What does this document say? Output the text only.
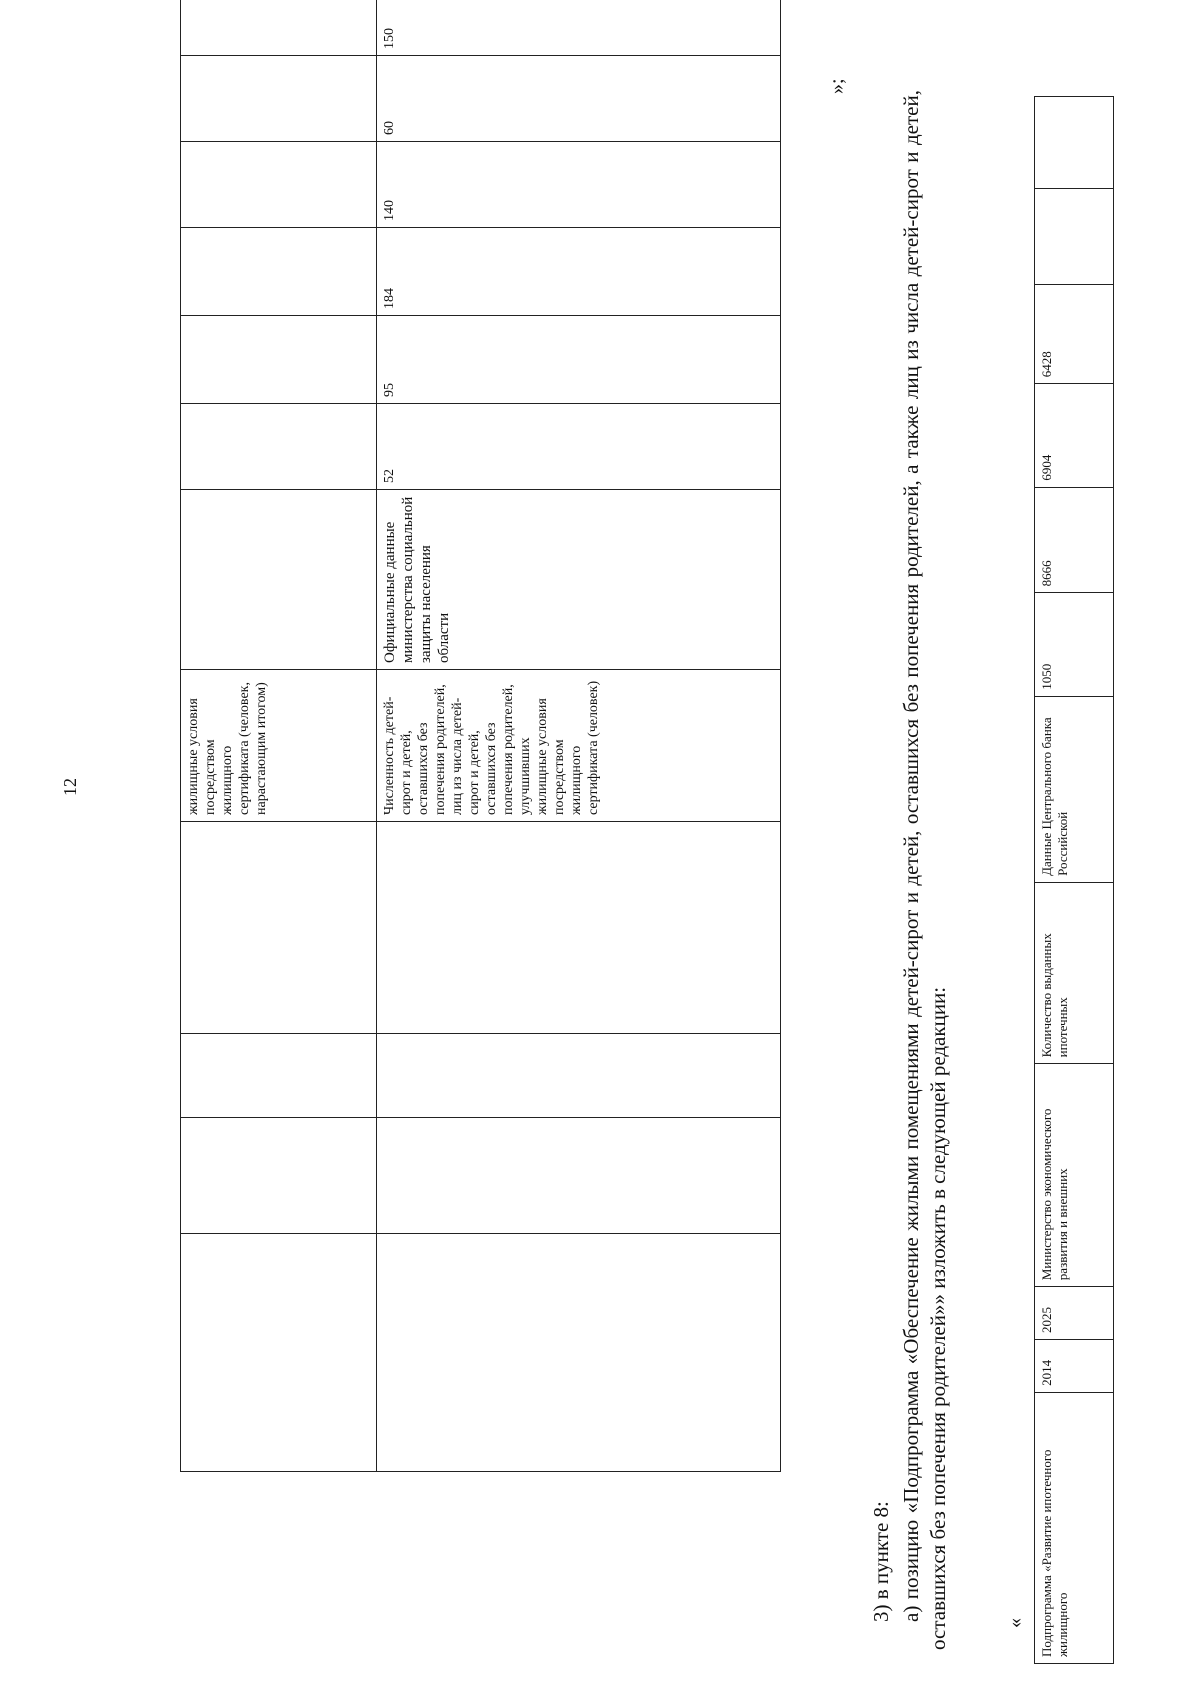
12
					жилищные условия посредством жилищного сертификата (человек, нарастающим итогом)							
				Численность детей-сирот и детей, оставшихся без попечения родителей, лиц из числа детей-сирот и детей, оставшихся без попечения родителей, улучшивших жилищные условия посредством жилищного сертификата (человек)	Официальные данные министерства социальной защиты населения области	52	95	184	140	60	150
»;
3) в пункте 8: а) позицию «Подпрограмма «Обеспечение жилыми помещениями детей-сирот и детей, оставшихся без попечения родителей, а также лиц из числа детей-сирот и детей, оставшихся без попечения родителей»» изложить в следующей редакции:	« Подпрограмма «Развитие ипотечного жилищного	2014	2025	Министерство экономического развития и внешних	Количество выданных ипотечных	Данные Центрального банка Российской	1050	8666	6904	6428		
